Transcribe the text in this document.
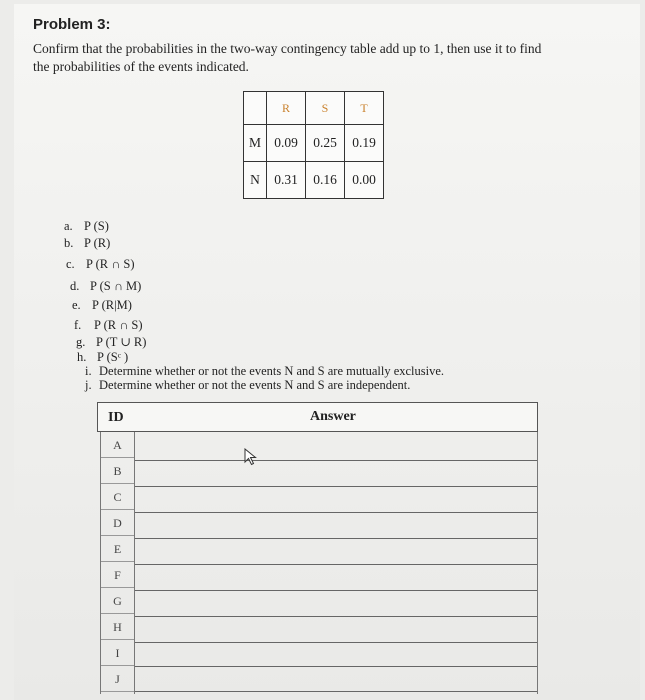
Problem 3:
Confirm that the probabilities in the two-way contingency table add up to 1, then use it to find
the probabilities of the events indicated.
	R	S	T
M	0.09	0.25	0.19
N	0.31	0.16	0.00
a. P (S)
b. P (R)
c. P (R ∩ S)
d. P (S ∩ M)
e. P (R|M)
f. P (R ∩ S)
g. P (T ∪ R)
h. P (Sᶜ )
i. Determine whether or not the events N and S are mutually exclusive.
j. Determine whether or not the events N and S are independent.
ID	Answer
A
B
C
D
E
F
G
H
I
J
